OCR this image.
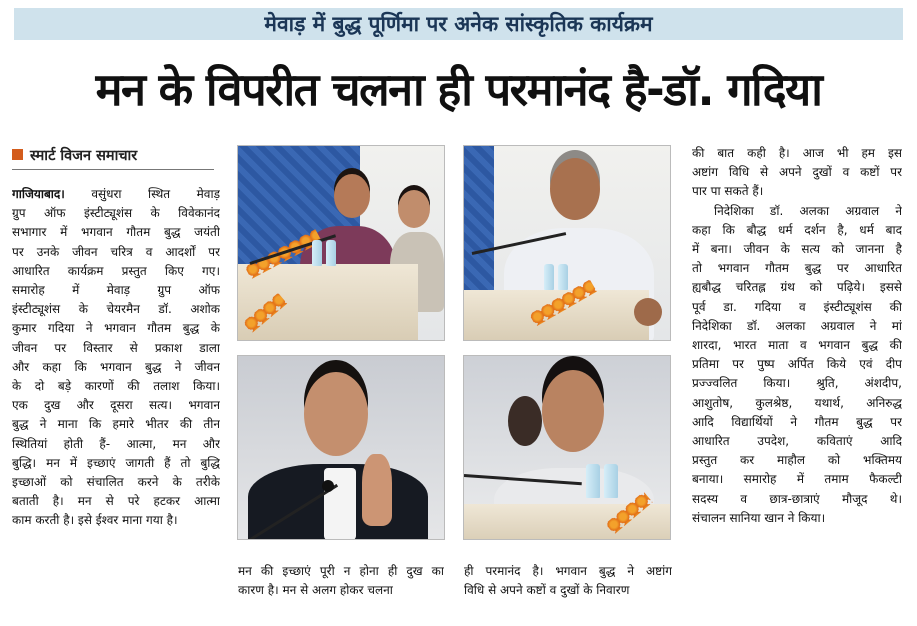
मेवाड़ में बुद्ध पूर्णिमा पर अनेक सांस्कृतिक कार्यक्रम
मन के विपरीत चलना ही परमानंद है-डॉ. गदिया
स्मार्ट विजन समाचार
गाजियाबाद। वसुंधरा स्थित मेवाड़
ग्रुप ऑफ इंस्टीट्यूशंस के विवेकानंद
सभागार में भगवान गौतम बुद्ध जयंती
पर उनके जीवन चरित्र व आदर्शों पर
आधारित कार्यक्रम प्रस्तुत किए गए।
समारोह में मेवाड़ ग्रुप ऑफ
इंस्टीट्यूशंस के चेयरमैन डॉ. अशोक
कुमार गदिया ने भगवान गौतम बुद्ध के
जीवन पर विस्तार से प्रकाश डाला
और कहा कि भगवान बुद्ध ने जीवन
के दो बड़े कारणों की तलाश किया।
एक दुख और दूसरा सत्य। भगवान
बुद्ध ने माना कि हमारे भीतर की तीन
स्थितियां होती हैं- आत्मा, मन और
बुद्धि। मन में इच्छाएं जागती हैं तो बुद्धि
इच्छाओं को संचालित करने के तरीके
बताती है। मन से परे हटकर आत्मा
काम करती है। इसे ईश्वर माना गया है।
मन की इच्छाएं पूरी न होना ही दुख का
कारण है। मन से अलग होकर चलना
ही परमानंद है। भगवान बुद्ध ने अष्टांग
विधि से अपने कष्टों व दुखों के निवारण
की बात कही है। आज भी हम इस
अष्टांग विधि से अपने दुखों व कष्टों पर
पार पा सकते हैं।
निदेशिका डॉ. अलका अग्रवाल ने
कहा कि बौद्ध धर्म दर्शन है, धर्म बाद
में बना। जीवन के सत्य को जानना है
तो भगवान गौतम बुद्ध पर आधारित
ह्यबौद्ध चरितह्ल ग्रंथ को पढ़िये। इससे
पूर्व डा. गदिया व इंस्टीट्यूशंस की
निदेशिका डॉ. अलका अग्रवाल ने मां
शारदा, भारत माता व भगवान बुद्ध की
प्रतिमा पर पुष्प अर्पित किये एवं दीप
प्रज्ज्वलित किया। श्रुति, अंशदीप,
आशुतोष, कुलश्रेष्ठ, यथार्थ, अनिरुद्ध
आदि विद्यार्थियों ने गौतम बुद्ध पर
आधारित उपदेश, कविताएं आदि
प्रस्तुत कर माहौल को भक्तिमय
बनाया। समारोह में तमाम फैकल्टी
सदस्य व छात्र-छात्राएं मौजूद थे।
संचालन सानिया खान ने किया।
